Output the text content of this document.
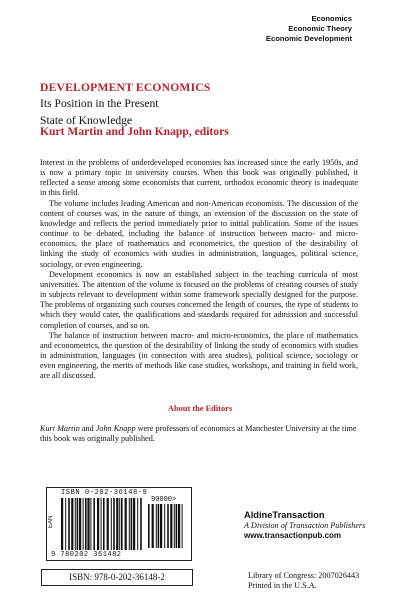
Economics
Economic Theory
Economic Development
DEVELOPMENT ECONOMICS
Its Position in the Present
State of Knowledge
Kurt Martin and John Knapp, editors

Interest in the problems of underdeveloped economies has increased since the early 1950s, and is now a primary topic in university courses. When this book was originally published, it reflected a sense among some economists that current, orthodox economic theory is inadequate in this field.

The volume includes leading American and non-American economists. The discussion of the content of courses was, in the nature of things, an extension of the discussion on the state of knowledge and reflects the period immediately prior to initial publication. Some of the issues continue to be debated, including the balance of instruction between macro- and micro-economics, the place of mathematics and econometrics, the question of the desirability of linking the study of economics with studies in administration, languages, political science, sociology, or even engineering.

Development economics is now an established subject in the teaching curricula of most universities. The attention of the volume is focused on the problems of creating courses of study in subjects relevant to development within some framework specially designed for the purpose. The problems of organizing such courses concerned the length of courses, the type of students to which they would cater, the qualifications and standards required for admission and successful completion of courses, and so on.

The balance of instruction between macro- and micro-economics, the place of mathematics and econometrics, the question of the desirability of linking the study of economics with studies in administration, languages (in connection with area studies), political science, sociology or even engineering, the merits of methods like case studies, workshops, and training in field work, are all discussed.

About the Editors
Kurt Martin and John Knapp were professors of economics at Manchester University at the time this book was originally published.
ISBN 0-202-36148-9
90000>
EAN
9 780202 361482
AldineTransaction
A Division of Transaction Publishers
www.transactionpub.com
ISBN: 978-0-202-36148-2	Library of Congress: 2007026443
Printed in the U.S.A.
